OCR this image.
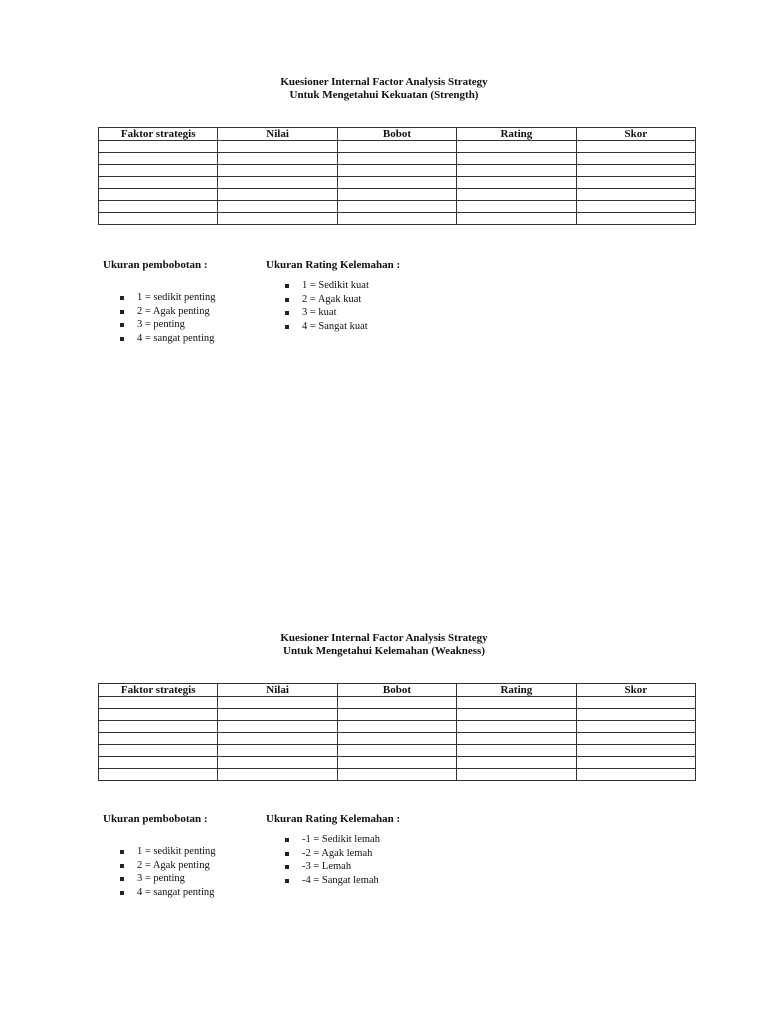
Kuesioner Internal Factor Analysis Strategy

Untuk Mengetahui Kekuatan (Strength)

Faktor strategis	Nilai	Bobot	Rating	Skor

Ukuran pembobotan :

1 = sedikit penting
2 = Agak penting
3 = penting
4 = sangat penting

Ukuran Rating Kelemahan :

1 = Sedikit kuat
2 = Agak kuat
3 = kuat
4 = Sangat kuat

Kuesioner Internal Factor Analysis Strategy

Untuk Mengetahui Kelemahan (Weakness)

Faktor strategis	Nilai	Bobot	Rating	Skor

Ukuran pembobotan :

1 = sedikit penting
2 = Agak penting
3 = penting
4 = sangat penting

Ukuran Rating Kelemahan :

-1 = Sedikit lemah
-2 = Agak lemah
-3 = Lemah
-4 = Sangat lemah
